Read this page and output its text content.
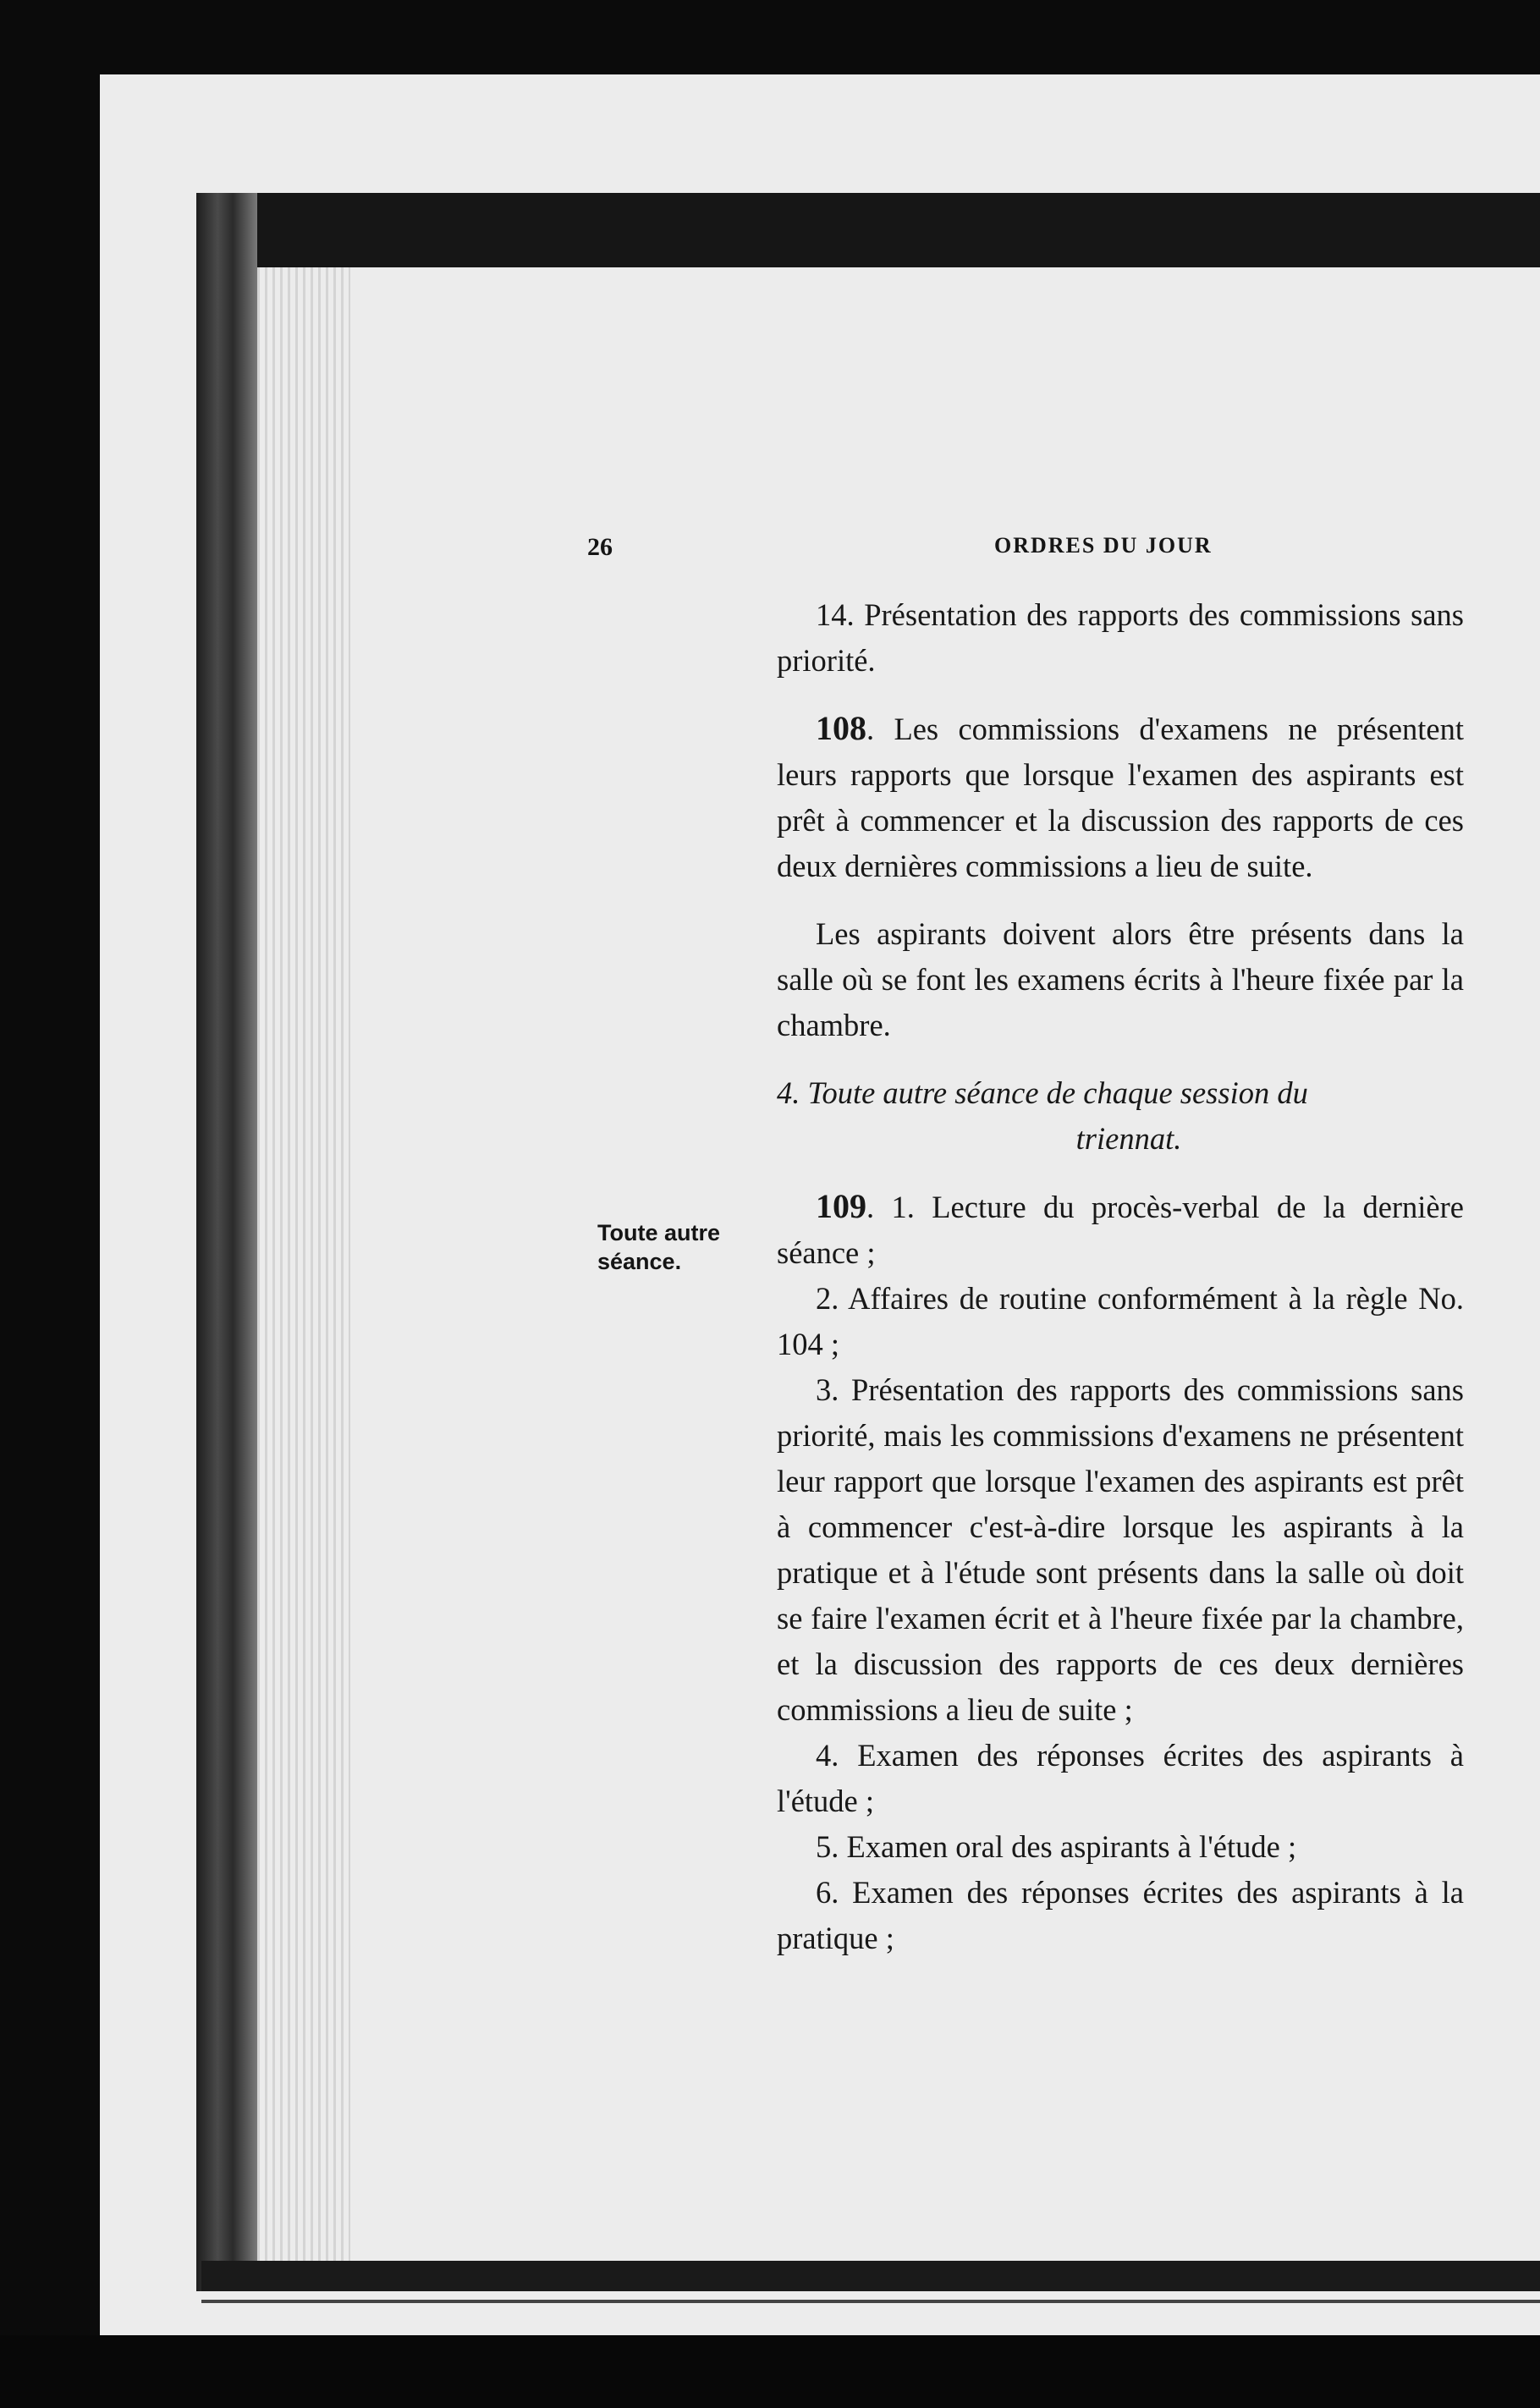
26	ORDRES DU JOUR
Toute autre
séance.

14. Présentation des rapports des commissions sans priorité.

108. Les commissions d'examens ne présentent leurs rapports que lorsque l'examen des aspirants est prêt à commencer et la discussion des rapports de ces deux dernières commissions a lieu de suite.

Les aspirants doivent alors être présents dans la salle où se font les examens écrits à l'heure fixée par la chambre.

4. Toute autre séance de chaque session du

triennat.

109. 1. Lecture du procès-verbal de la dernière séance ;

2. Affaires de routine conformément à la règle No. 104 ;

3. Présentation des rapports des commissions sans priorité, mais les commissions d'examens ne présentent leur rapport que lorsque l'examen des aspirants est prêt à commencer c'est-à-dire lorsque les aspirants à la pratique et à l'étude sont présents dans la salle où doit se faire l'examen écrit et à l'heure fixée par la chambre, et la discussion des rapports de ces deux dernières commissions a lieu de suite ;

4. Examen des réponses écrites des aspirants à l'étude ;

5. Examen oral des aspirants à l'étude ;

6. Examen des réponses écrites des aspirants à la pratique ;
